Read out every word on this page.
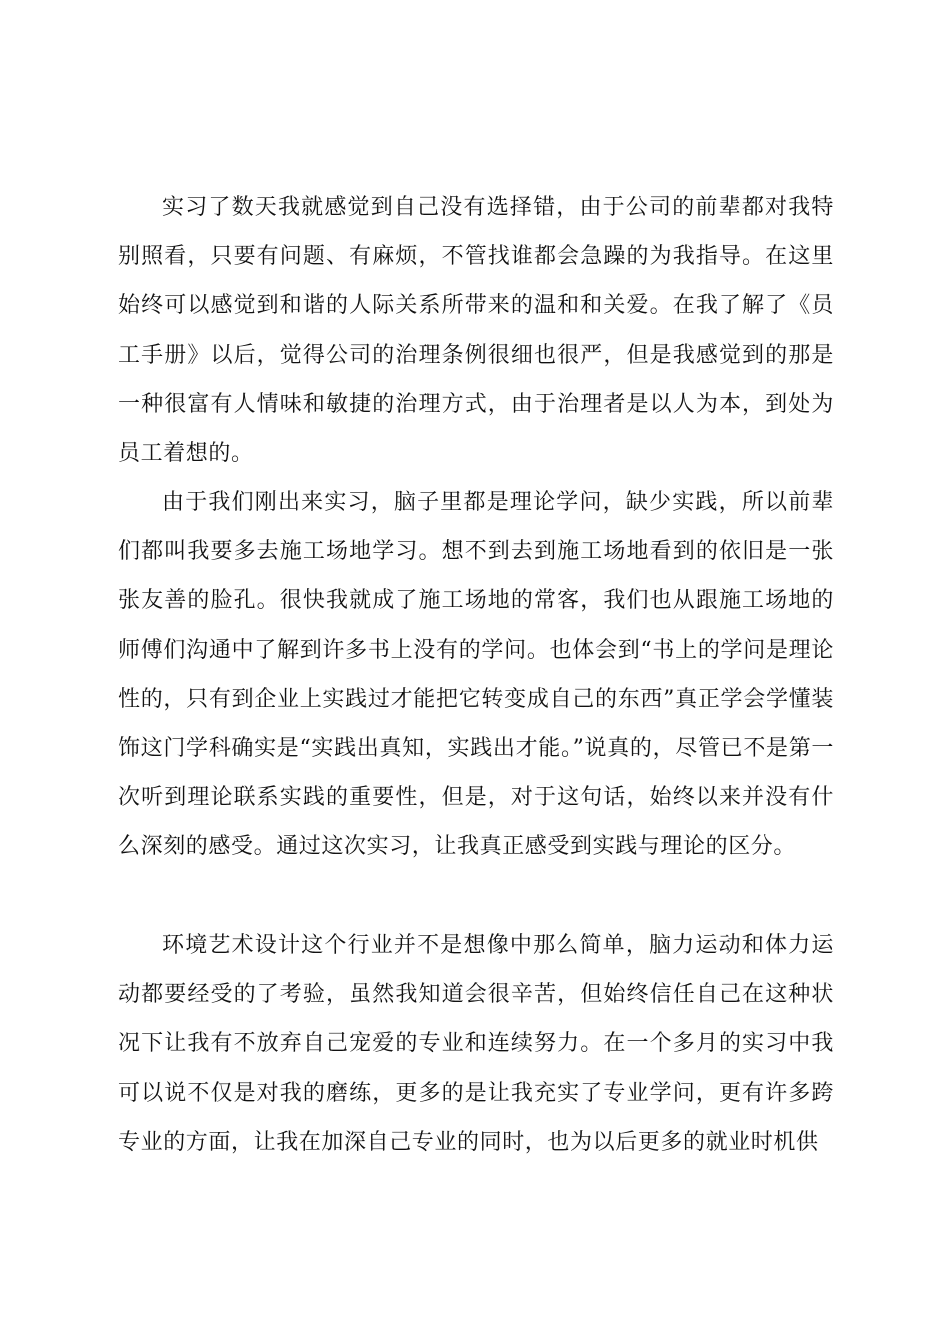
实习了数天我就感觉到自己没有选择错，由于公司的前辈都对我特别照看，只要有问题、有麻烦，不管找谁都会急躁的为我指导。在这里始终可以感觉到和谐的人际关系所带来的温和和关爱。在我了解了《员工手册》以后，觉得公司的治理条例很细也很严，但是我感觉到的那是一种很富有人情味和敏捷的治理方式，由于治理者是以人为本，到处为员工着想的。

由于我们刚出来实习，脑子里都是理论学问，缺少实践，所以前辈们都叫我要多去施工场地学习。想不到去到施工场地看到的依旧是一张张友善的脸孔。很快我就成了施工场地的常客，我们也从跟施工场地的师傅们沟通中了解到许多书上没有的学问。也体会到“书上的学问是理论性的，只有到企业上实践过才能把它转变成自己的东西”真正学会学懂装饰这门学科确实是“实践出真知，实践出才能。”说真的，尽管已不是第一次听到理论联系实践的重要性，但是，对于这句话，始终以来并没有什么深刻的感受。通过这次实习，让我真正感受到实践与理论的区分。

环境艺术设计这个行业并不是想像中那么简单，脑力运动和体力运动都要经受的了考验，虽然我知道会很辛苦，但始终信任自己在这种状况下让我有不放弃自己宠爱的专业和连续努力。在一个多月的实习中我可以说不仅是对我的磨练，更多的是让我充实了专业学问，更有许多跨专业的方面，让我在加深自己专业的同时，也为以后更多的就业时机供
